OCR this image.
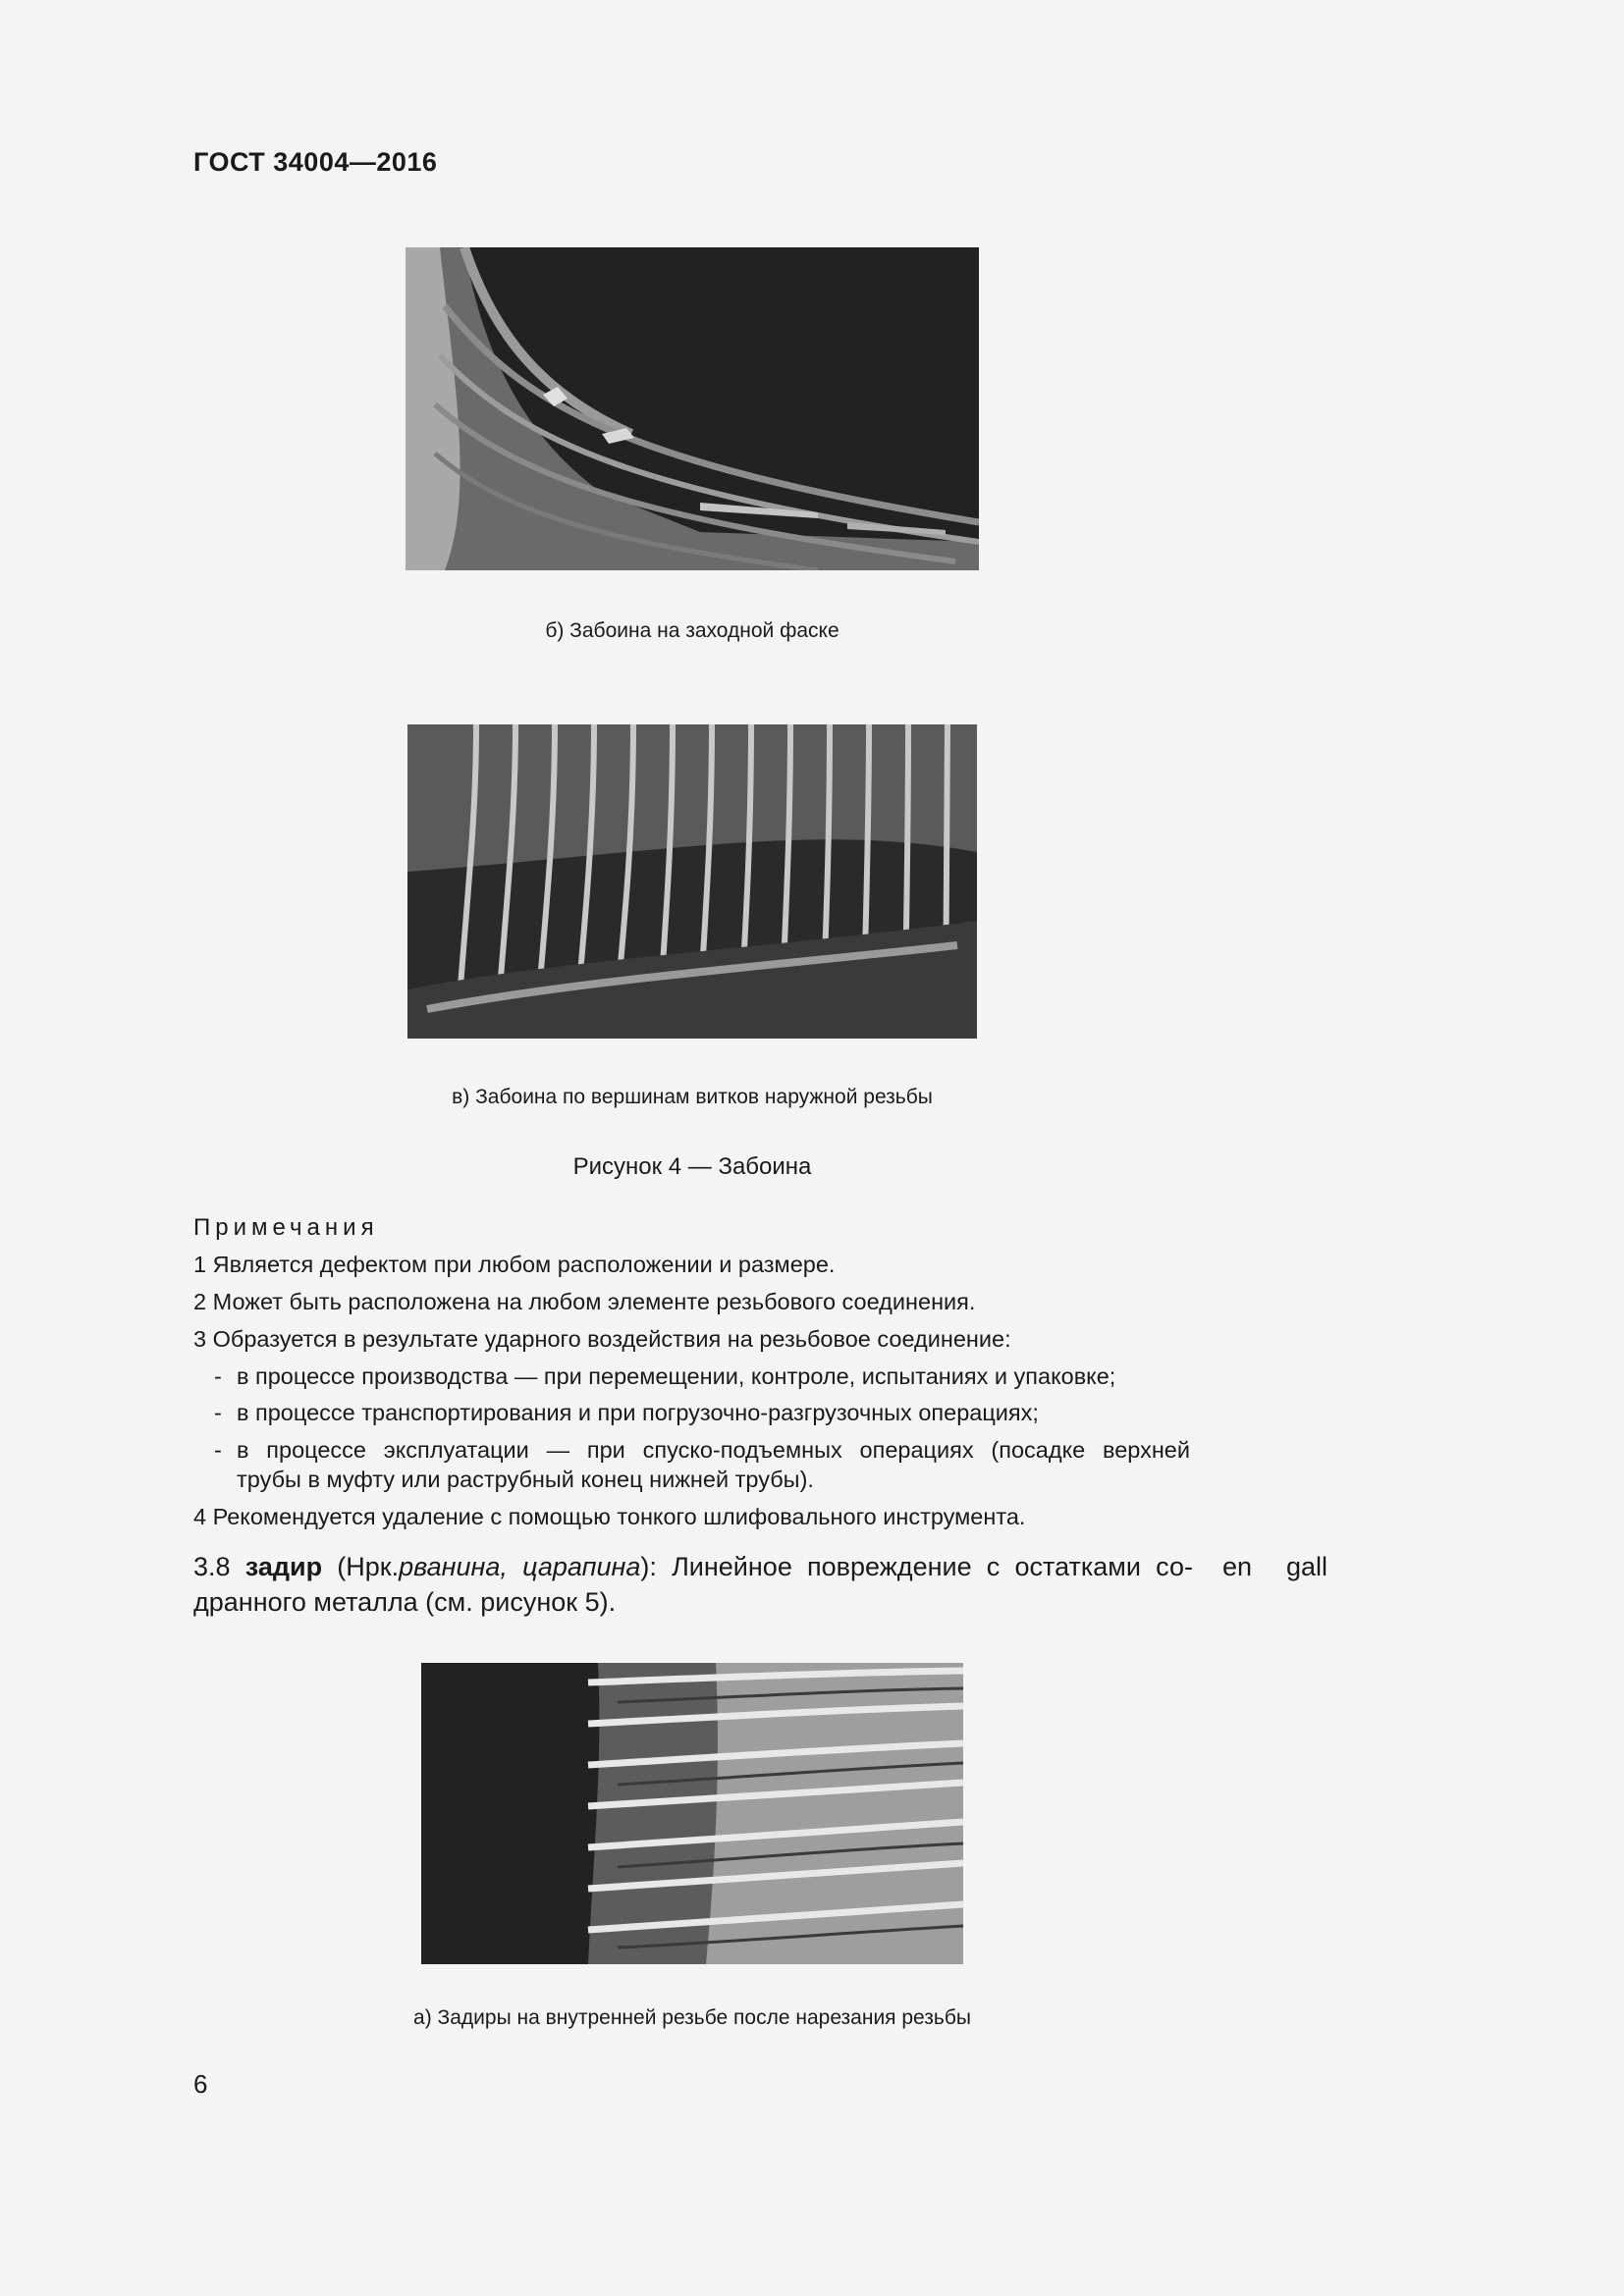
ГОСТ 34004—2016
б) Забоина на заходной фаске
в) Забоина по вершинам витков наружной резьбы
Рисунок 4 — Забоина
Примечания
1 Является дефектом при любом расположении и размере.
2 Может быть расположена на любом элементе резьбового соединения.
3 Образуется в результате ударного воздействия на резьбовое соединение:
- в процессе производства — при перемещении, контроле, испытаниях и упаковке;
- в процессе транспортирования и при погрузочно-разгрузочных операциях;
- в процессе эксплуатации — при спуско-подъемных операциях (посадке верхней
трубы в муфту или раструбный конец нижней трубы).
4 Рекомендуется удаление с помощью тонкого шлифовального инструмента.
3.8 задир (Нрк.рванина, царапина): Линейное повреждение с остатками со- en gall
дранного металла (см. рисунок 5).
а) Задиры на внутренней резьбе после нарезания резьбы
6
